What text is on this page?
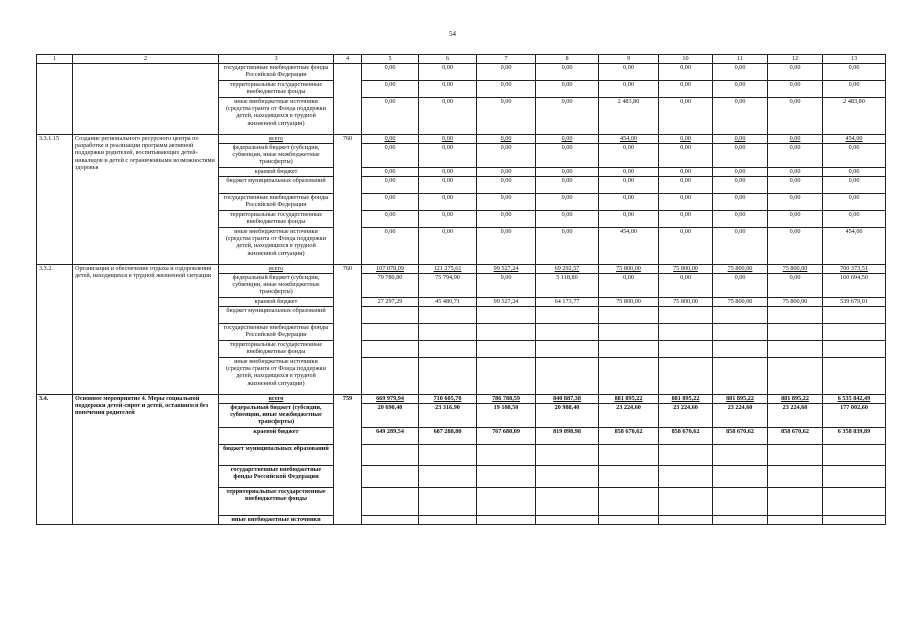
54
1	2	3	4	5	6	7	8	9	10	11	12	13
		государственные внебюджетные фонды Российской Федерации		0,00	0,00	0,00	0,00	0,00	0,00	0,00	0,00	0,00
		территориальные государственные внебюджетные фонды		0,00	0,00	0,00	0,00	0,00	0,00	0,00	0,00	0,00
		иные внебюджетные источники (средства гранта от Фонда поддержки детей, находящихся в трудной жизненной ситуации)		0,00	0,00	0,00	0,00	2 483,80	0,00	0,00	0,00	2 483,80
3.3.1.15	Создание регионального ресурсного центра по разработке и реализации программ активной поддержки родителей, воспитывающих детей-инвалидов и детей с ограниченными возможностями здоровья	всего	760	0,00	0,00	0,00	0,00	454,00	0,00	0,00	0,00	454,00
		федеральный бюджет (субсидии, субвенции, иные межбюджетные трансферты)		0,00	0,00	0,00	0,00	0,00	0,00	0,00	0,00	0,00
		краевой бюджет		0,00	0,00	0,00	0,00	0,00	0,00	0,00	0,00	0,00
		бюджет муниципальных образований		0,00	0,00	0,00	0,00	0,00	0,00	0,00	0,00	0,00
		государственные внебюджетные фонды Российской Федерации		0,00	0,00	0,00	0,00	0,00	0,00	0,00	0,00	0,00
		территориальные государственные внебюджетные фонды		0,00	0,00	0,00	0,00	0,00	0,00	0,00	0,00	0,00
		иные внебюджетные источники (средства гранта от Фонда поддержки детей, находящихся в трудной жизненной ситуации)		0,00	0,00	0,00	0,00	454,00	0,00	0,00	0,00	454,00
3.3.2.	Организация и обеспечение отдыха и оздоровления детей, находящихся в трудной жизненной ситуации	всего	760	107 078,09	121 275,61	99 527,24	69 292,57	75 800,00	75 800,00	75 800,00	75 800,00	700 373,51
		федеральный бюджет (субсидии, субвенции, иные межбюджетные трансферты)		79 780,80	75 794,90	0,00	5 118,80	0,00	0,00	0,00	0,00	160 694,50
		краевой бюджет		27 297,29	45 480,71	99 527,24	64 173,77	75 800,00	75 800,00	75 800,00	75 800,00	539 679,01
		бюджет муниципальных образований										
		государственные внебюджетные фонды Российской Федерации										
		территориальные государственные внебюджетные фонды										
		иные внебюджетные источники (средства гранта от Фонда поддержки детей, находящихся в трудной жизненной ситуации)										
3.4.	Основное мероприятие 4. Меры социальной поддержки детей-сирот и детей, оставшихся без попечения родителей	всего	759	669 979,94	710 605,70	786 788,59	840 887,38	881 895,22	881 895,22	881 895,22	881 895,22	6 535 842,49
		федеральный бюджет (субсидии, субвенции, иные межбюджетные трансферты)		20 690,40	23 316,90	19 108,50	20 988,40	23 224,60	23 224,60	23 224,60	23 224,60	177 002,60
		краевой бюджет		649 289,54	687 288,80	767 680,09	819 898,98	858 670,62	858 670,62	858 670,62	858 670,62	6 358 839,89
		бюджет муниципальных образований										
		государственные внебюджетные фонды Российской Федерации										
		территориальные государственные внебюджетные фонды										
		иные внебюджетные источники										
